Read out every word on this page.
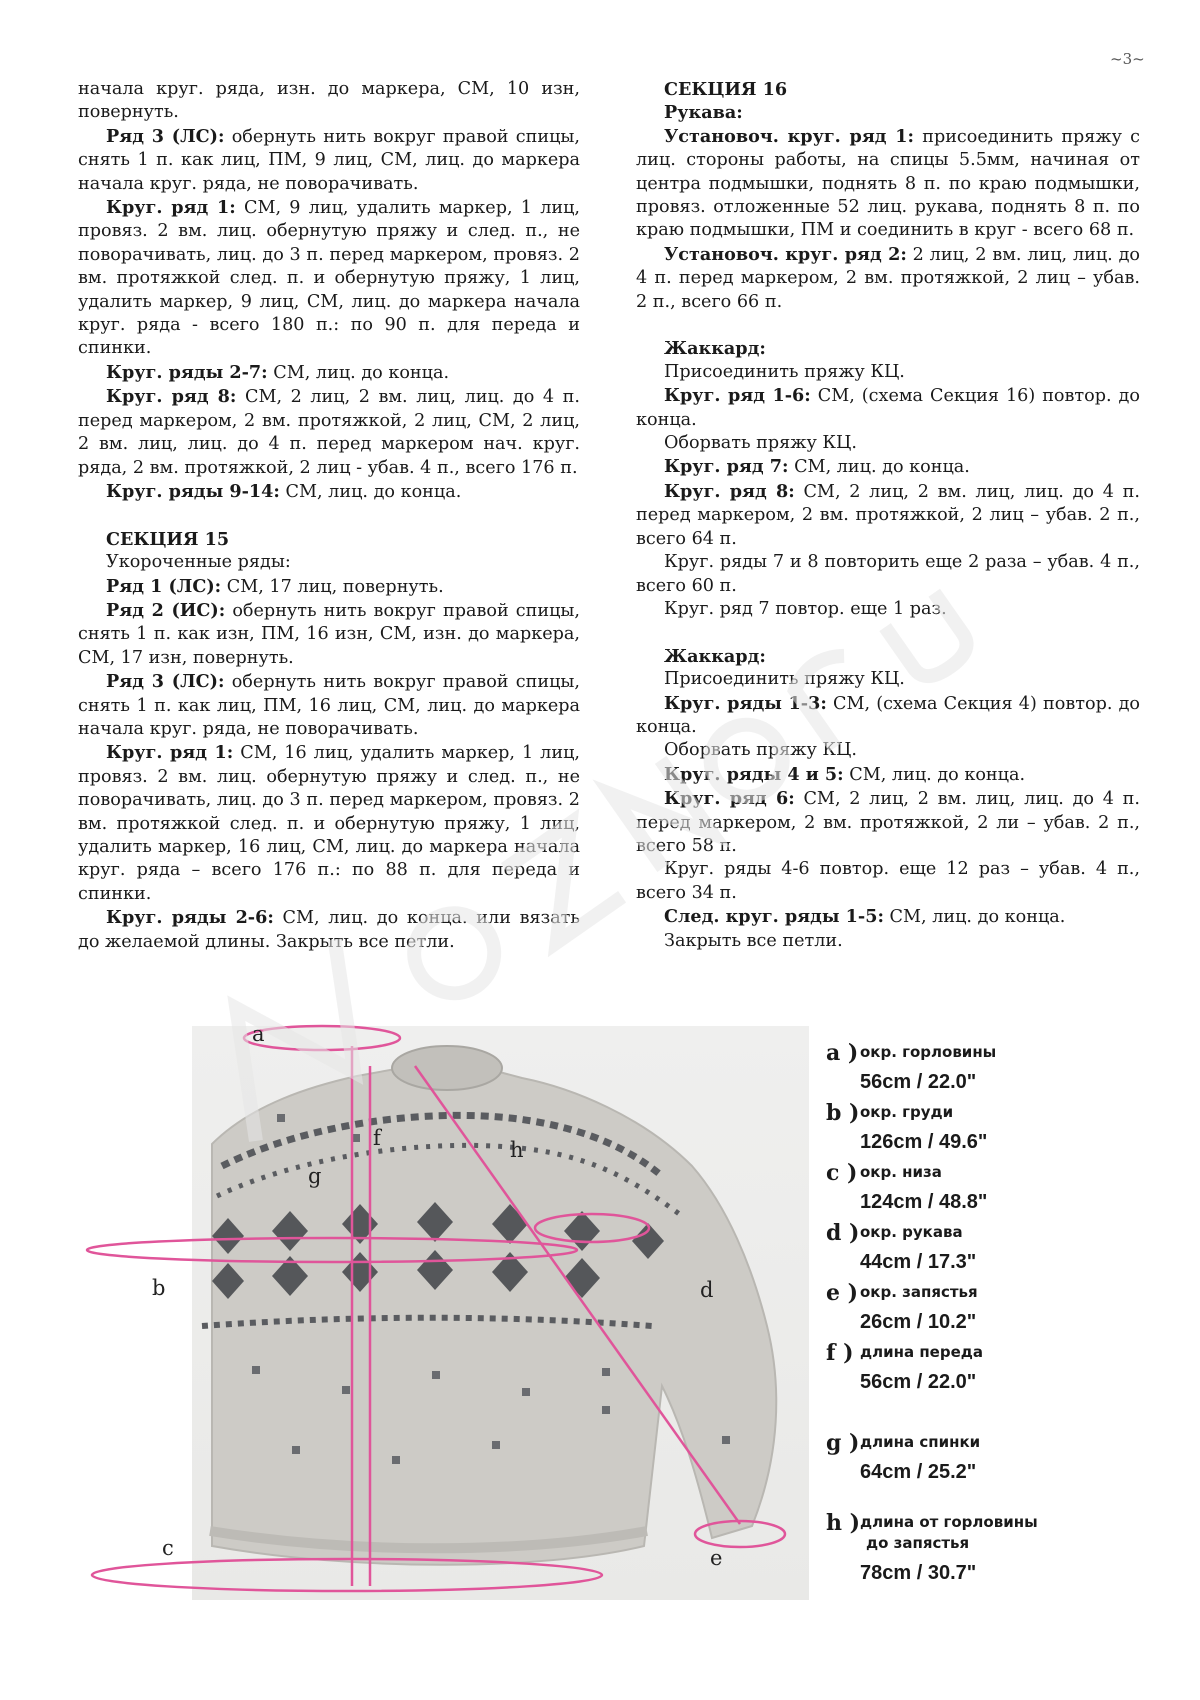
~3~

начала круг. ряда, изн. до маркера, СМ, 10 изн, повернуть.

Ряд 3 (ЛС): обернуть нить вокруг правой спицы, снять 1 п. как лиц, ПМ, 9 лиц, СМ, лиц. до маркера начала круг. ряда, не поворачивать.

Круг. ряд 1: СМ, 9 лиц, удалить маркер, 1 лиц, провяз. 2 вм. лиц. обернутую пряжу и след. п., не поворачивать, лиц. до 3 п. перед маркером, провяз. 2 вм. протяжкой след. п. и обернутую пряжу, 1 лиц, удалить маркер, 9 лиц, СМ, лиц. до маркера начала круг. ряда - всего 180 п.: по 90 п. для переда и спинки.

Круг. ряды 2-7: СМ, лиц. до конца.

Круг. ряд 8: СМ, 2 лиц, 2 вм. лиц, лиц. до 4 п. перед маркером, 2 вм. протяжкой, 2 лиц, СМ, 2 лиц, 2 вм. лиц, лиц. до 4 п. перед маркером нач. круг. ряда, 2 вм. протяжкой, 2 лиц - убав. 4 п., всего 176 п.

Круг. ряды 9-14: СМ, лиц. до конца.

СЕКЦИЯ 15

Укороченные ряды:

Ряд 1 (ЛС): СМ, 17 лиц, повернуть.

Ряд 2 (ИС): обернуть нить вокруг правой спицы, снять 1 п. как изн, ПМ, 16 изн, СМ, изн. до маркера, СМ, 17 изн, повернуть.

Ряд 3 (ЛС): обернуть нить вокруг правой спицы, снять 1 п. как лиц, ПМ, 16 лиц, СМ, лиц. до маркера начала круг. ряда, не поворачивать.

Круг. ряд 1: СМ, 16 лиц, удалить маркер, 1 лиц, провяз. 2 вм. лиц. обернутую пряжу и след. п., не поворачивать, лиц. до 3 п. перед маркером, провяз. 2 вм. протяжкой след. п. и обернутую пряжу, 1 лиц, удалить маркер, 16 лиц, СМ, лиц. до маркера начала круг. ряда – всего 176 п.: по 88 п. для переда и спинки.

Круг. ряды 2-6: СМ, лиц. до конца. или вязать до желаемой длины. Закрыть все петли.

СЕКЦИЯ 16

Рукава:

Установоч. круг. ряд 1: присоединить пряжу с лиц. стороны работы, на спицы 5.5мм, начиная от центра подмышки, поднять 8 п. по краю подмышки, провяз. отложенные 52 лиц. рукава, поднять 8 п. по краю подмышки, ПМ и соединить в круг - всего 68 п.

Установоч. круг. ряд 2: 2 лиц, 2 вм. лиц, лиц. до 4 п. перед маркером, 2 вм. протяжкой, 2 лиц – убав. 2 п., всего 66 п.

Жаккард:

Присоединить пряжу КЦ.

Круг. ряд 1-6: СМ, (схема Секция 16) повтор. до конца.

Оборвать пряжу КЦ.

Круг. ряд 7: СМ, лиц. до конца.

Круг. ряд 8: СМ, 2 лиц, 2 вм. лиц, лиц. до 4 п. перед маркером, 2 вм. протяжкой, 2 лиц – убав. 2 п., всего 64 п.

Круг. ряды 7 и 8 повторить еще 2 раза – убав. 4 п., всего 60 п.

Круг. ряд 7 повтор. еще 1 раз.

Жаккард:

Присоединить пряжу КЦ.

Круг. ряды 1-3: СМ, (схема Секция 4) повтор. до конца.

Оборвать пряжу КЦ.

Круг. ряды 4 и 5: СМ, лиц. до конца.

Круг. ряд 6: СМ, 2 лиц, 2 вм. лиц, лиц. до 4 п. перед маркером, 2 вм. протяжкой, 2 ли – убав. 2 п., всего 58 п.

Круг. ряды 4-6 повтор. еще 12 раз – убав. 4 п., всего 34 п.

След. круг. ряды 1-5: СМ, лиц. до конца.

Закрыть все петли.

a
b
c
d
e
f
g
h
a ) окр. горловины
56cm / 22.0"
b ) окр. груди
126cm / 49.6"
c ) окр. низа
124cm / 48.8"
d ) окр. рукава
44cm / 17.3"
e ) окр. запястья
26cm / 10.2"
f ) длина переда
56cm / 22.0"
g ) длина спинки
64cm / 25.2"
h ) длина от горловины
до запястья
78cm / 30.7"
